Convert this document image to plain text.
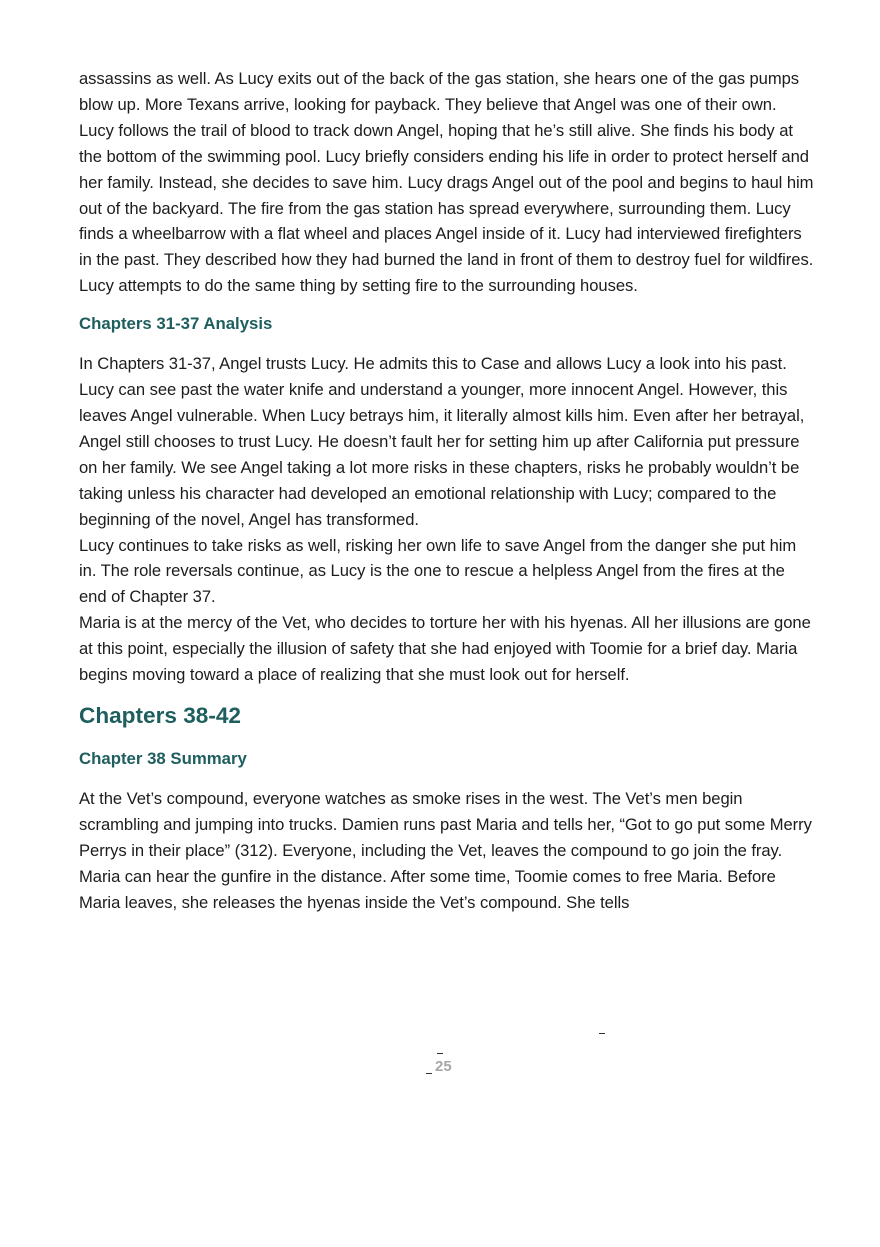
assassins as well. As Lucy exits out of the back of the gas station, she hears one of the gas pumps blow up. More Texans arrive, looking for payback. They believe that Angel was one of their own.

Lucy follows the trail of blood to track down Angel, hoping that he’s still alive. She finds his body at the bottom of the swimming pool. Lucy briefly considers ending his life in order to protect herself and her family. Instead, she decides to save him. Lucy drags Angel out of the pool and begins to haul him out of the backyard. The fire from the gas station has spread everywhere, surrounding them. Lucy finds a wheelbarrow with a flat wheel and places Angel inside of it. Lucy had interviewed firefighters in the past. They described how they had burned the land in front of them to destroy fuel for wildfires. Lucy attempts to do the same thing by setting fire to the surrounding houses.

Chapters 31-37 Analysis

In Chapters 31-37, Angel trusts Lucy. He admits this to Case and allows Lucy a look into his past. Lucy can see past the water knife and understand a younger, more innocent Angel. However, this leaves Angel vulnerable. When Lucy betrays him, it literally almost kills him. Even after her betrayal, Angel still chooses to trust Lucy. He doesn’t fault her for setting him up after California put pressure on her family. We see Angel taking a lot more risks in these chapters, risks he probably wouldn’t be taking unless his character had developed an emotional relationship with Lucy; compared to the beginning of the novel, Angel has transformed.

Lucy continues to take risks as well, risking her own life to save Angel from the danger she put him in. The role reversals continue, as Lucy is the one to rescue a helpless Angel from the fires at the end of Chapter 37.

Maria is at the mercy of the Vet, who decides to torture her with his hyenas. All her illusions are gone at this point, especially the illusion of safety that she had enjoyed with Toomie for a brief day. Maria begins moving toward a place of realizing that she must look out for herself.

Chapters 38-42
Chapter 38 Summary

At the Vet’s compound, everyone watches as smoke rises in the west. The Vet’s men begin scrambling and jumping into trucks. Damien runs past Maria and tells her, “Got to go put some Merry Perrys in their place” (312). Everyone, including the Vet, leaves the compound to go join the fray. Maria can hear the gunfire in the distance. After some time, Toomie comes to free Maria. Before Maria leaves, she releases the hyenas inside the Vet’s compound. She tells

25
